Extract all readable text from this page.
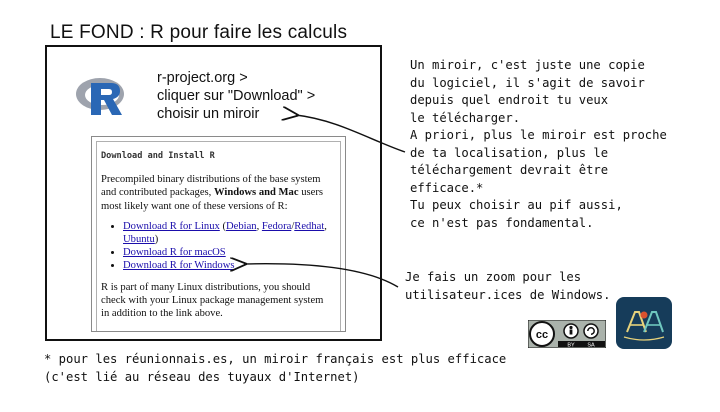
LE FOND : R pour faire les calculs
r-project.org >
cliquer sur "Download" >
choisir un miroir
Download and Install R

Precompiled binary distributions of the base system and contributed packages, Windows and Mac users most likely want one of these versions of R:

• Download R for Linux (Debian, Fedora/Redhat, Ubuntu)
• Download R for macOS
• Download R for Windows

R is part of many Linux distributions, you should check with your Linux package management system in addition to the link above.

Un miroir, c'est juste une copie
du logiciel, il s'agit de savoir
depuis quel endroit tu veux
le télécharger.
A priori, plus le miroir est proche
de ta localisation, plus le
téléchargement devrait être
efficace.*
Tu peux choisir au pif aussi,
ce n'est pas fondamental.
Je fais un zoom pour les
utilisateur.ices de Windows.
* pour les réunionnais.es, un miroir français est plus efficace
(c'est lié au réseau des tuyaux d'Internet)
cc
BY SA
